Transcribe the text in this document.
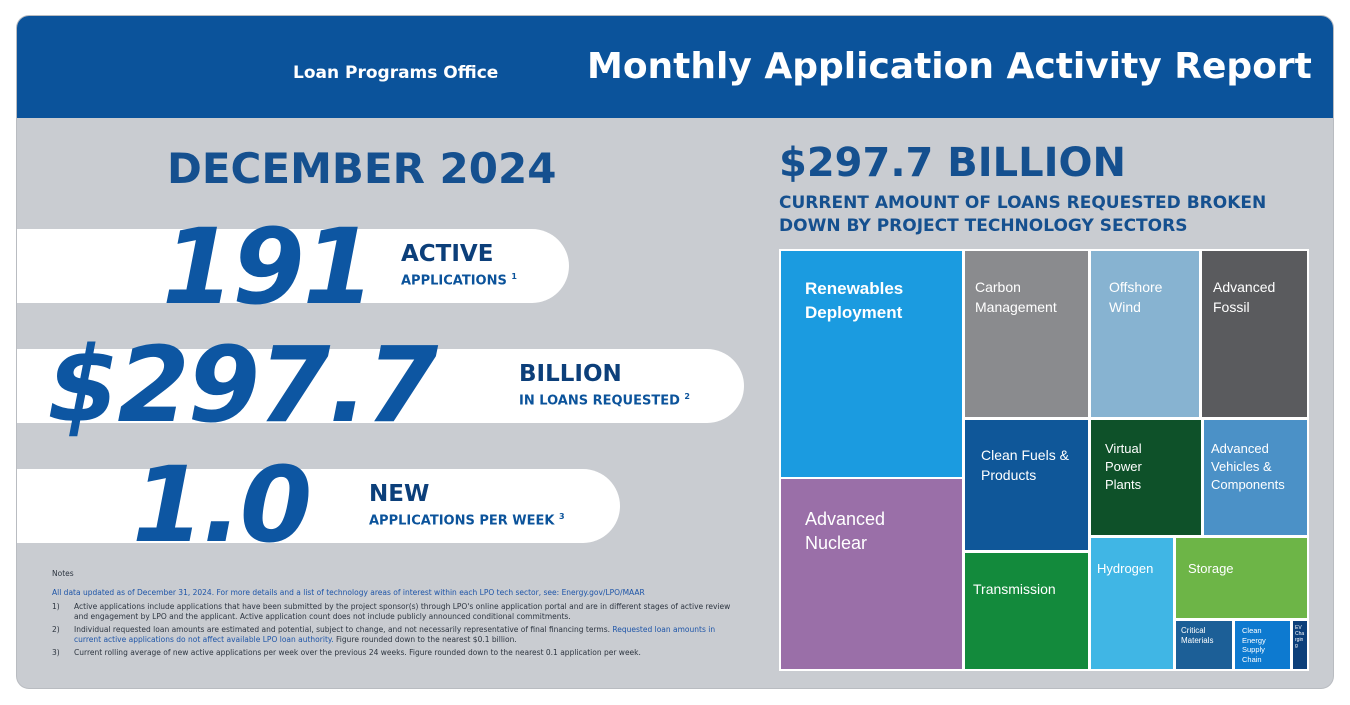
Loan Programs Office Monthly Application Activity Report
DECEMBER 2024
191 ACTIVE
APPLICATIONS $^1$
$297.7	BILLION
IN LOANS REQUESTED $^2$
1.0	NEW
APPLICATIONS PER WEEK $^3$
Notes
All data updated as of December 31, 2024. For more details and a list of technology areas of interest within each LPO tech sector, see: Energy.gov/LPO/MAAR
1)	Active applications include applications that have been submitted by the project sponsor(s) through LPO's online application portal and are in different stages of active review and engagement by LPO and the applicant. Active application count does not include publicly announced conditional commitments.
2)	Individual requested loan amounts are estimated and potential, subject to change, and not necessarily representative of final financing terms. Requested loan amounts in current active applications do not affect available LPO loan authority. Figure rounded down to the nearest $0.1 billion.
3)	Current rolling average of new active applications per week over the previous 24 weeks. Figure rounded down to the nearest 0.1 application per week.
$297.7 BILLION
CURRENT AMOUNT OF LOANS REQUESTED BROKEN DOWN BY PROJECT TECHNOLOGY SECTORS
Renewables Deployment
Advanced Nuclear
Carbon Management
Offshore Wind
Advanced Fossil
Clean Fuels & Products
Virtual Power Plants
Advanced Vehicles & Components
Transmission
Hydrogen	Storage
Critical Materials
Clean Energy Supply Chain
EV Charging
